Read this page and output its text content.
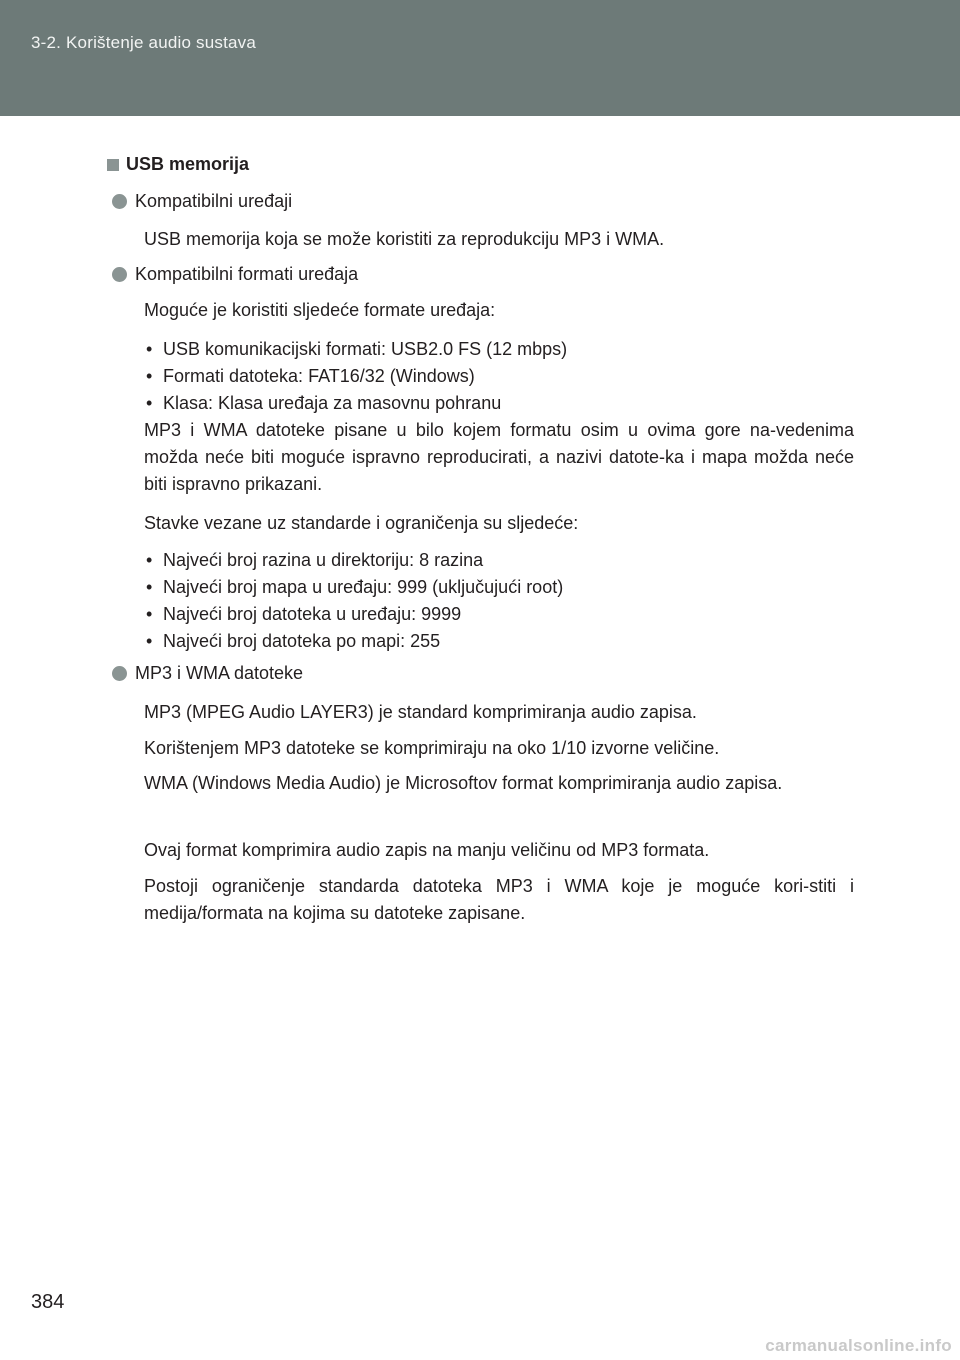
3-2. Korištenje audio sustava
USB memorija
Kompatibilni uređaji
USB memorija koja se može koristiti za reprodukciju MP3 i WMA.
Kompatibilni formati uređaja
Moguće je koristiti sljedeće formate uređaja:
• USB komunikacijski formati: USB2.0 FS (12 mbps)
• Formati datoteka: FAT16/32 (Windows)
• Klasa: Klasa uređaja za masovnu pohranu
MP3 i WMA datoteke pisane u bilo kojem formatu osim u ovima gore na-vedenima možda neće biti moguće ispravno reproducirati, a nazivi datote-ka i mapa možda neće biti ispravno prikazani.
Stavke vezane uz standarde i ograničenja su sljedeće:
• Najveći broj razina u direktoriju: 8 razina
• Najveći broj mapa u uređaju: 999 (uključujući root)
• Najveći broj datoteka u uređaju: 9999
• Najveći broj datoteka po mapi: 255
MP3 i WMA datoteke
MP3 (MPEG Audio LAYER3) je standard komprimiranja audio zapisa.
Korištenjem MP3 datoteke se komprimiraju na oko 1/10 izvorne veličine.
WMA (Windows Media Audio) je Microsoftov format komprimiranja audio zapisa.
Ovaj format komprimira audio zapis na manju veličinu od MP3 formata.
Postoji ograničenje standarda datoteka MP3 i WMA koje je moguće kori-stiti i medija/formata na kojima su datoteke zapisane.
384
carmanualsonline.info
